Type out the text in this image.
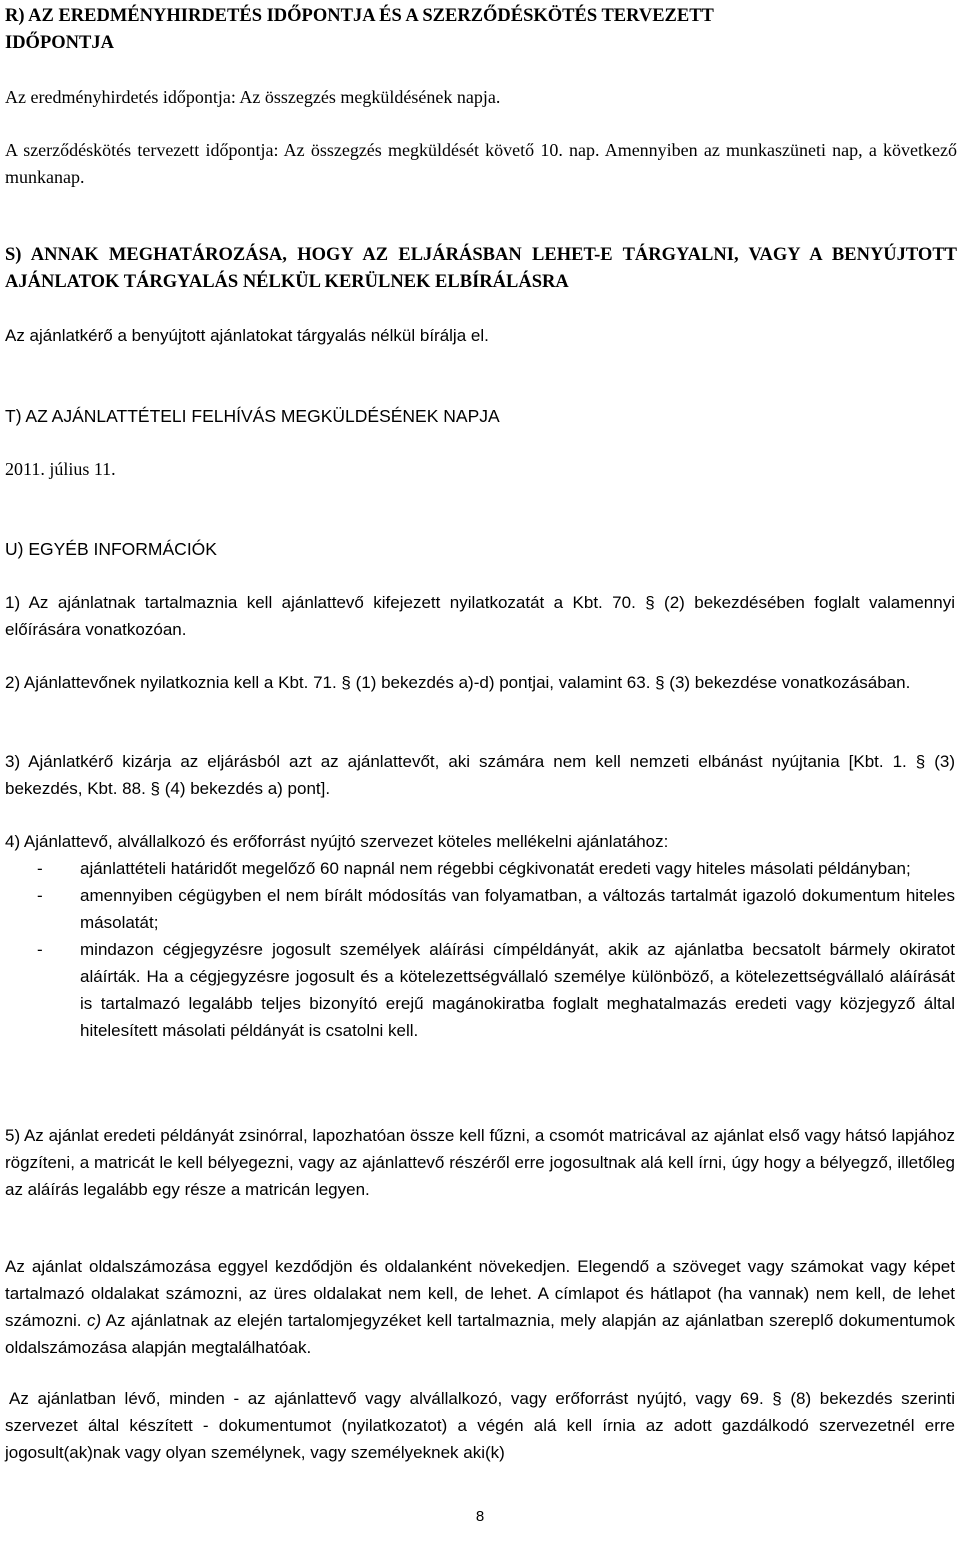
R) AZ EREDMÉNYHIRDETÉS IDŐPONTJA ÉS A SZERZŐDÉSKÖTÉS TERVEZETT IDŐPONTJA

Az eredményhirdetés időpontja: Az összegzés megküldésének napja.

A szerződéskötés tervezett időpontja: Az összegzés megküldését követő 10. nap. Amennyiben az munkaszüneti nap, a következő munkanap.

S) ANNAK MEGHATÁROZÁSA, HOGY AZ ELJÁRÁSBAN LEHET-E TÁRGYALNI, VAGY A BENYÚJTOTT AJÁNLATOK TÁRGYALÁS NÉLKÜL KERÜLNEK ELBÍRÁLÁSRA

Az ajánlatkérő a benyújtott ajánlatokat tárgyalás nélkül bírálja el.

T) AZ AJÁNLATTÉTELI FELHÍVÁS MEGKÜLDÉSÉNEK NAPJA

2011. július 11.

U) EGYÉB INFORMÁCIÓK

1) Az ajánlatnak tartalmaznia kell ajánlattevő kifejezett nyilatkozatát a Kbt. 70. § (2) bekezdésében foglalt valamennyi előírására vonatkozóan.

2) Ajánlattevőnek nyilatkoznia kell a Kbt. 71. § (1) bekezdés a)-d) pontjai, valamint 63. § (3) bekezdése vonatkozásában.

3) Ajánlatkérő kizárja az eljárásból azt az ajánlattevőt, aki számára nem kell nemzeti elbánást nyújtania [Kbt. 1. § (3) bekezdés, Kbt. 88. § (4) bekezdés a) pont].

4) Ajánlattevő, alvállalkozó és erőforrást nyújtó szervezet köteles mellékelni ajánlatához:

- ajánlattételi határidőt megelőző 60 napnál nem régebbi cégkivonatát eredeti vagy hiteles másolati példányban;
- amennyiben cégügyben el nem bírált módosítás van folyamatban, a változás tartalmát igazoló dokumentum hiteles másolatát;
- mindazon cégjegyzésre jogosult személyek aláírási címpéldányát, akik az ajánlatba becsatolt bármely okiratot aláírták. Ha a cégjegyzésre jogosult és a kötelezettségvállaló személye különböző, a kötelezettségvállaló aláírását is tartalmazó legalább teljes bizonyító erejű magánokiratba foglalt meghatalmazás eredeti vagy közjegyző által hitelesített másolati példányát is csatolni kell.

5) Az ajánlat eredeti példányát zsinórral, lapozhatóan össze kell fűzni, a csomót matricával az ajánlat első vagy hátsó lapjához rögzíteni, a matricát le kell bélyegezni, vagy az ajánlattevő részéről erre jogosultnak alá kell írni, úgy hogy a bélyegző, illetőleg az aláírás legalább egy része a matricán legyen.

Az ajánlat oldalszámozása eggyel kezdődjön és oldalanként növekedjen. Elegendő a szöveget vagy számokat vagy képet tartalmazó oldalakat számozni, az üres oldalakat nem kell, de lehet. A címlapot és hátlapot (ha vannak) nem kell, de lehet számozni. c) Az ajánlatnak az elején tartalomjegyzéket kell tartalmaznia, mely alapján az ajánlatban szereplő dokumentumok oldalszámozása alapján megtalálhatóak.

Az ajánlatban lévő, minden - az ajánlattevő vagy alvállalkozó, vagy erőforrást nyújtó, vagy 69. § (8) bekezdés szerinti szervezet által készített - dokumentumot (nyilatkozatot) a végén alá kell írnia az adott gazdálkodó szervezetnél erre jogosult(ak)nak vagy olyan személynek, vagy személyeknek aki(k)

8
